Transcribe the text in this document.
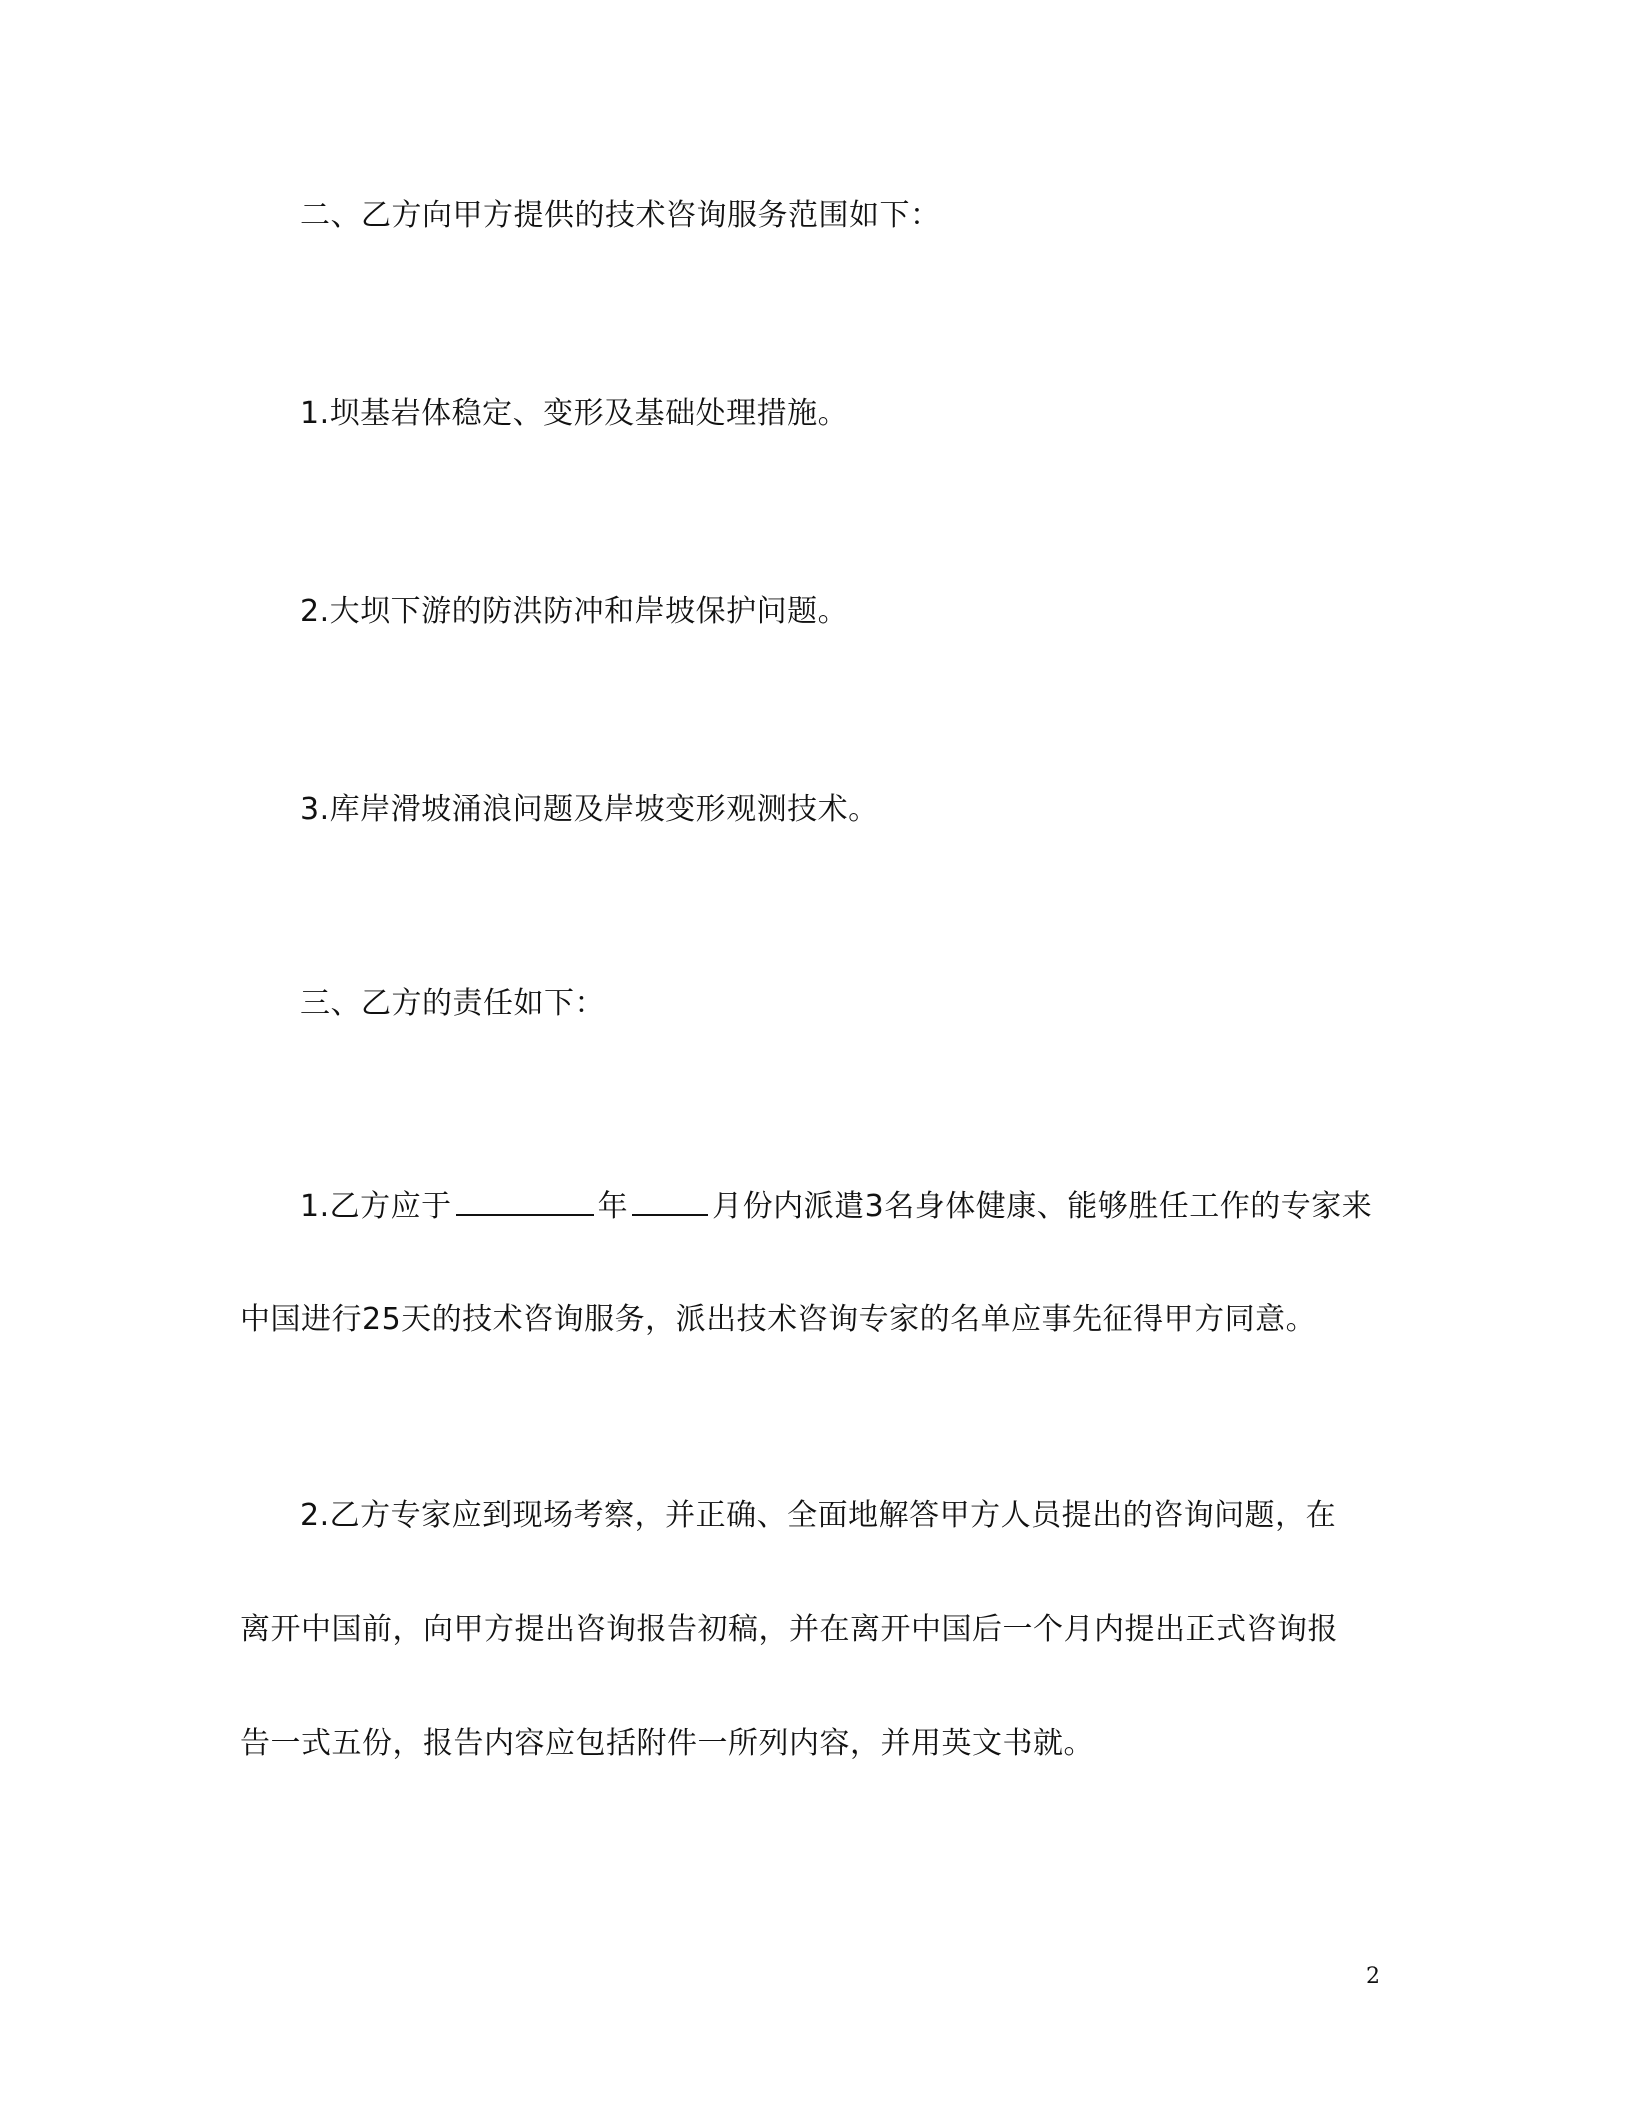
二、乙方向甲方提供的技术咨询服务范围如下：
1.坝基岩体稳定、变形及基础处理措施。
2.大坝下游的防洪防冲和岸坡保护问题。
3.库岸滑坡涌浪问题及岸坡变形观测技术。
三、乙方的责任如下：
1.乙方应于	年	月份内派遣3名身体健康、能够胜任工作的专家来
中国进行25天的技术咨询服务，派出技术咨询专家的名单应事先征得甲方同意。
2.乙方专家应到现场考察，并正确、全面地解答甲方人员提出的咨询问题，在
离开中国前，向甲方提出咨询报告初稿，并在离开中国后一个月内提出正式咨询报
告一式五份，报告内容应包括附件一所列内容，并用英文书就。
2
